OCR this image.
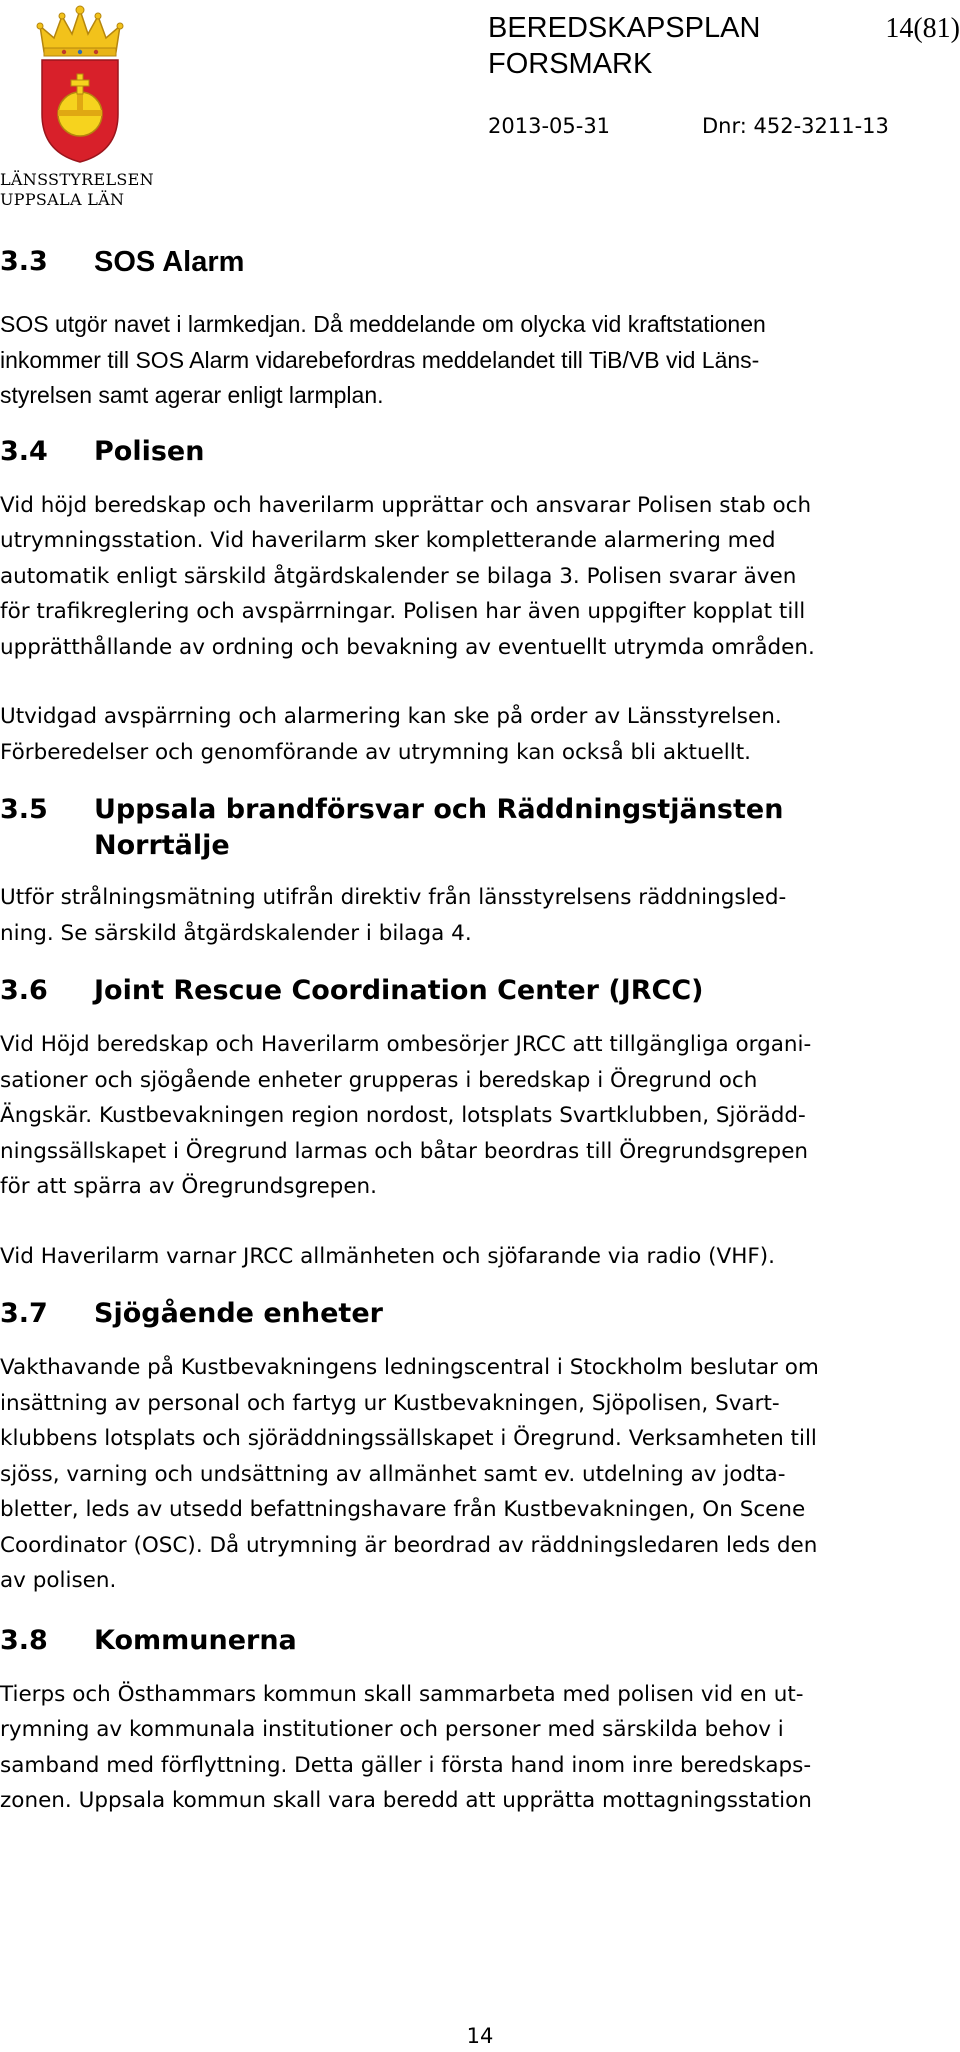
LÄNSSTYRELSEN
UPPSALA LÄN
BEREDSKAPSPLAN
FORSMARK
14(81)
2013-05-31	Dnr: 452-3211-13
3.3 SOS Alarm

SOS utgör navet i larmkedjan. Då meddelande om olycka vid kraftstationen
inkommer till SOS Alarm vidarebefordras meddelandet till TiB/VB vid Läns-
styrelsen samt agerar enligt larmplan.

3.4 Polisen

Vid höjd beredskap och haverilarm upprättar och ansvarar Polisen stab och
utrymningsstation. Vid haverilarm sker kompletterande alarmering med
automatik enligt särskild åtgärdskalender se bilaga 3. Polisen svarar även
för trafikreglering och avspärrningar. Polisen har även uppgifter kopplat till
upprätthållande av ordning och bevakning av eventuellt utrymda områden.

Utvidgad avspärrning och alarmering kan ske på order av Länsstyrelsen.
Förberedelser och genomförande av utrymning kan också bli aktuellt.

3.5 Uppsala brandförsvar och Räddningstjänsten
Norrtälje

Utför strålningsmätning utifrån direktiv från länsstyrelsens räddningsled-
ning. Se särskild åtgärdskalender i bilaga 4.

3.6 Joint Rescue Coordination Center (JRCC)

Vid Höjd beredskap och Haverilarm ombesörjer JRCC att tillgängliga organi-
sationer och sjögående enheter grupperas i beredskap i Öregrund och
Ängskär. Kustbevakningen region nordost, lotsplats Svartklubben, Sjörädd-
ningssällskapet i Öregrund larmas och båtar beordras till Öregrundsgrepen
för att spärra av Öregrundsgrepen.

Vid Haverilarm varnar JRCC allmänheten och sjöfarande via radio (VHF).

3.7 Sjögående enheter

Vakthavande på Kustbevakningens ledningscentral i Stockholm beslutar om
insättning av personal och fartyg ur Kustbevakningen, Sjöpolisen, Svart-
klubbens lotsplats och sjöräddningssällskapet i Öregrund. Verksamheten till
sjöss, varning och undsättning av allmänhet samt ev. utdelning av jodta-
bletter, leds av utsedd befattningshavare från Kustbevakningen, On Scene
Coordinator (OSC). Då utrymning är beordrad av räddningsledaren leds den
av polisen.

3.8 Kommunerna

Tierps och Östhammars kommun skall sammarbeta med polisen vid en ut-
rymning av kommunala institutioner och personer med särskilda behov i
samband med förflyttning. Detta gäller i första hand inom inre beredskaps-
zonen. Uppsala kommun skall vara beredd att upprätta mottagningsstation

14
